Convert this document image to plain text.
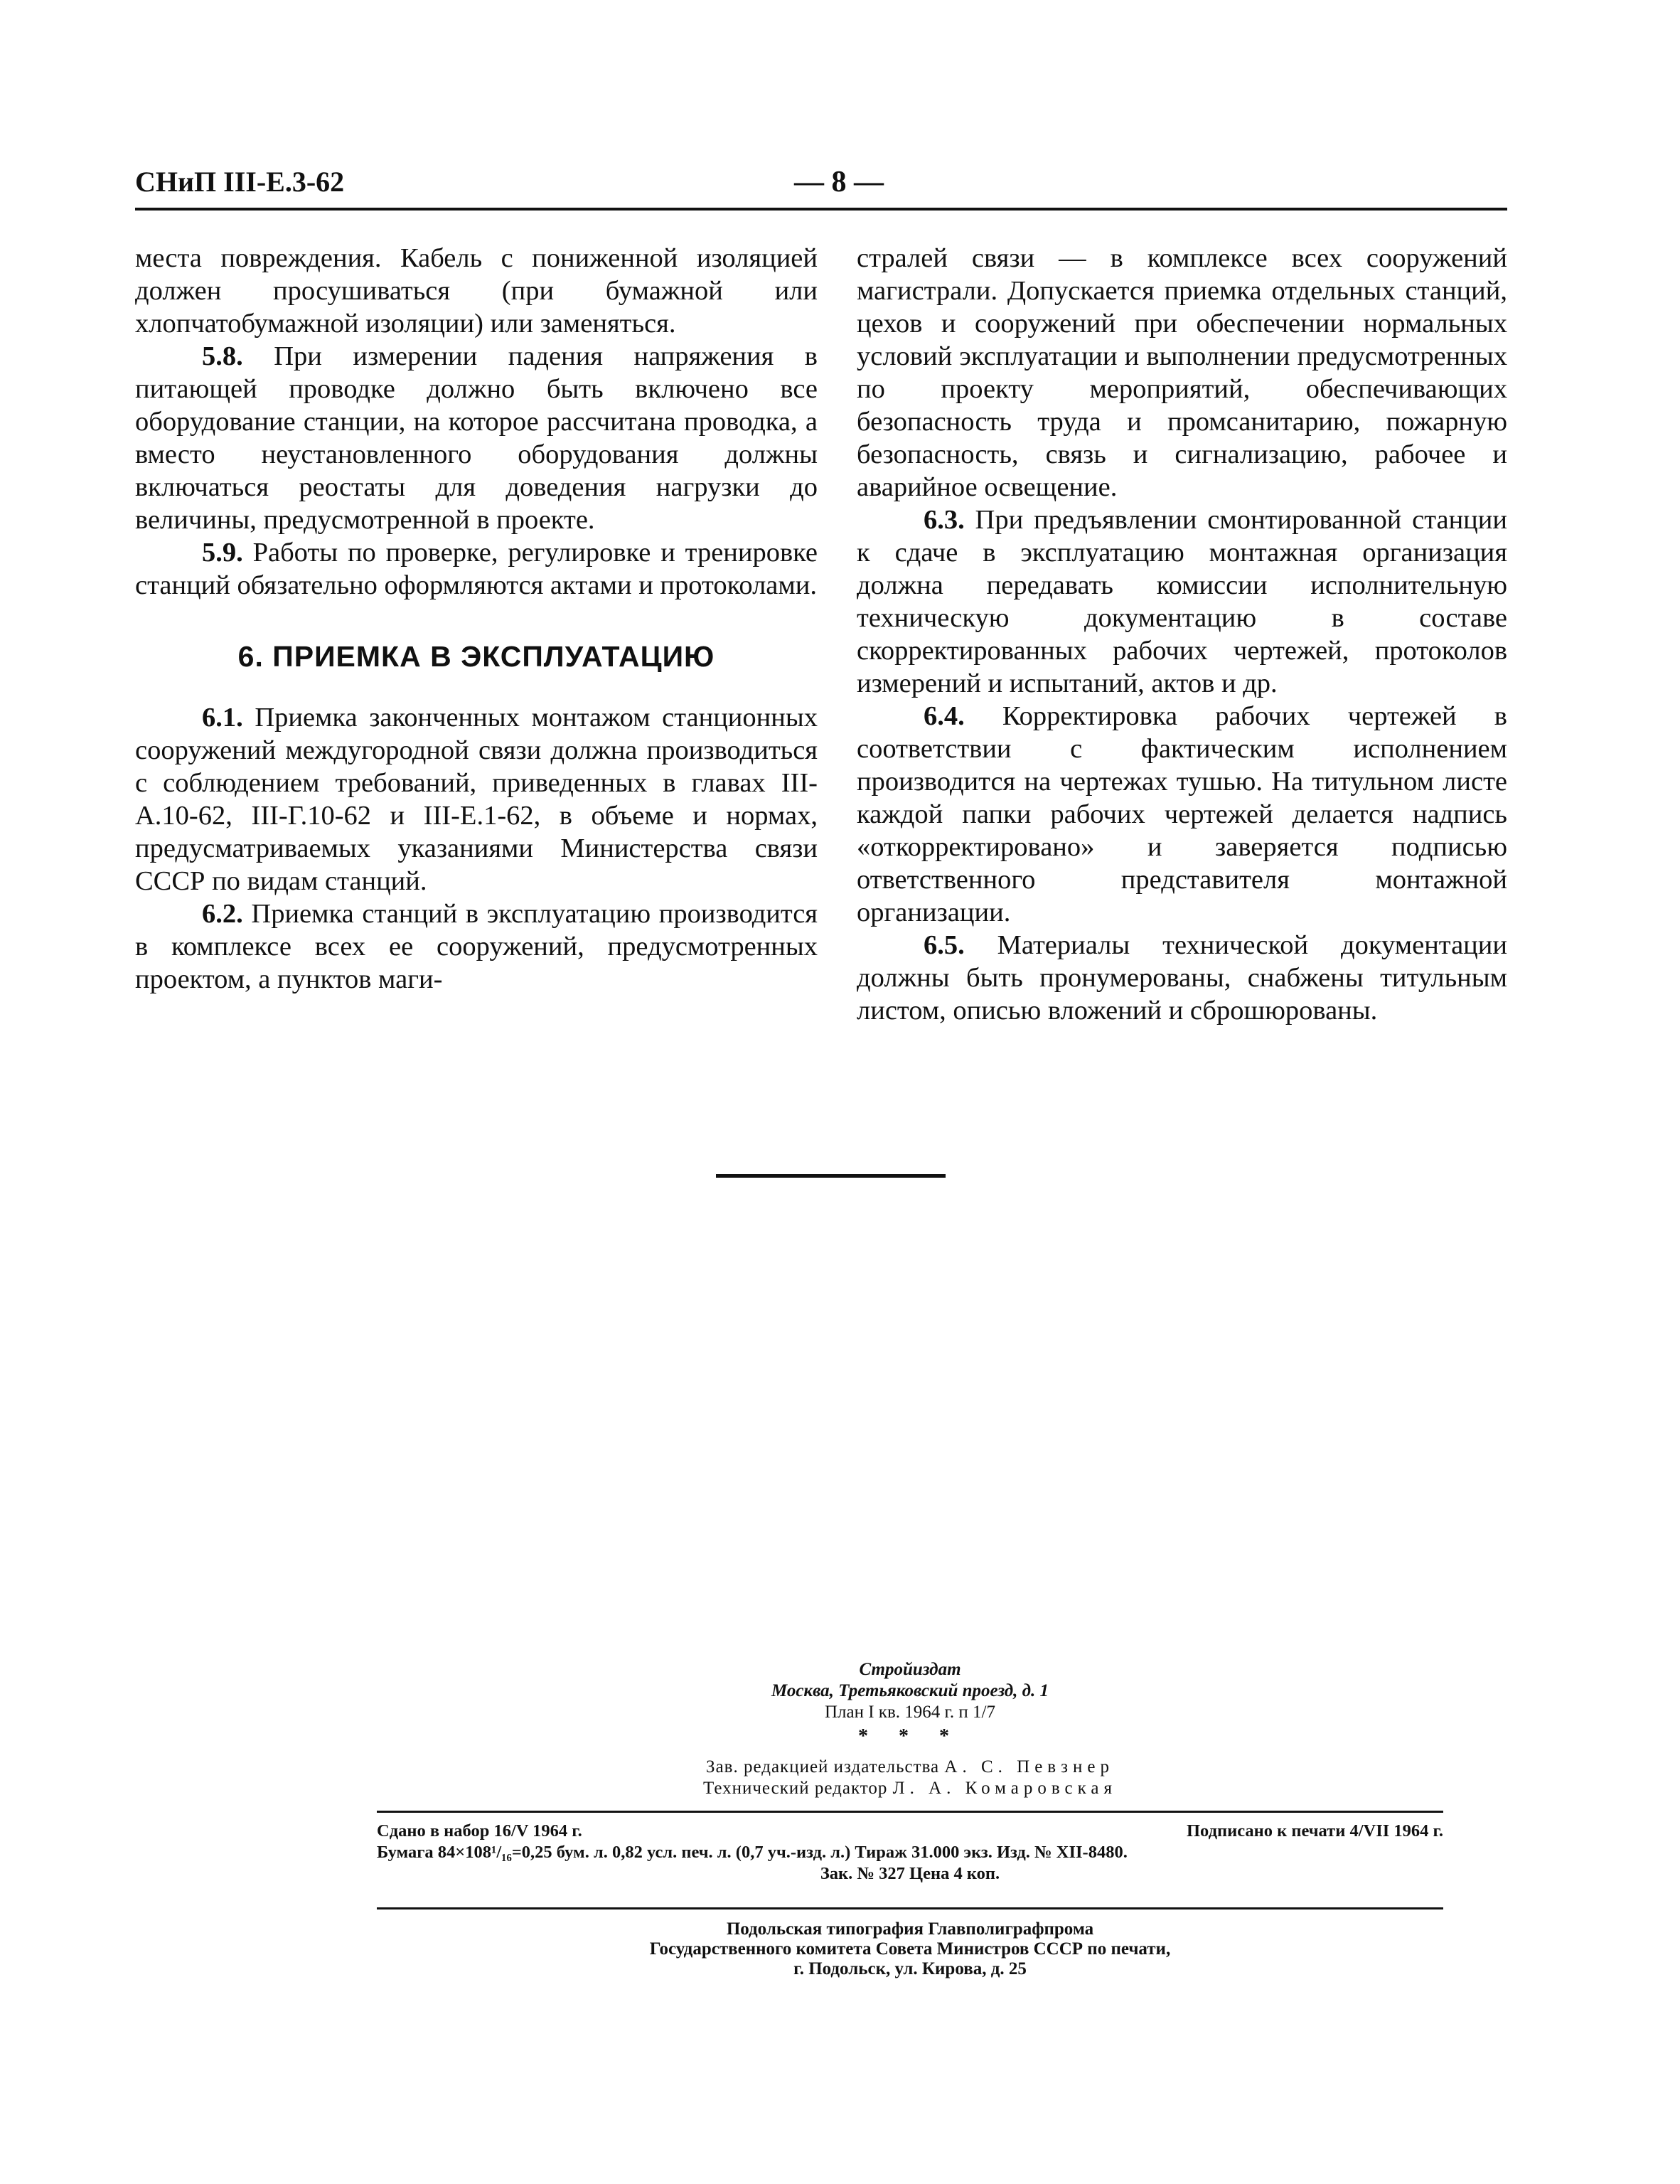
СНиП III-Е.3-62	— 8 —

места повреждения. Кабель с пониженной изоляцией должен просушиваться (при бумажной или хлопчатобумажной изоляции) или заменяться.

5.8. При измерении падения напряжения в питающей проводке должно быть включено все оборудование станции, на которое рассчитана проводка, а вместо неустановленного оборудования должны включаться реостаты для доведения нагрузки до величины, предусмотренной в проекте.

5.9. Работы по проверке, регулировке и тренировке станций обязательно оформляются актами и протоколами.

6. ПРИЕМКА В ЭКСПЛУАТАЦИЮ

6.1. Приемка законченных монтажом станционных сооружений междугородной связи должна производиться с соблюдением требований, приведенных в главах III-А.10-62, III-Г.10-62 и III-Е.1-62, в объеме и нормах, предусматриваемых указаниями Министерства связи СССР по видам станций.

6.2. Приемка станций в эксплуатацию производится в комплексе всех ее сооружений, предусмотренных проектом, а пунктов маги-

стралей связи — в комплексе всех сооружений магистрали. Допускается приемка отдельных станций, цехов и сооружений при обеспечении нормальных условий эксплуатации и выполнении предусмотренных по проекту мероприятий, обеспечивающих безопасность труда и промсанитарию, пожарную безопасность, связь и сигнализацию, рабочее и аварийное освещение.

6.3. При предъявлении смонтированной станции к сдаче в эксплуатацию монтажная организация должна передавать комиссии исполнительную техническую документацию в составе скорректированных рабочих чертежей, протоколов измерений и испытаний, актов и др.

6.4. Корректировка рабочих чертежей в соответствии с фактическим исполнением производится на чертежах тушью. На титульном листе каждой папки рабочих чертежей делается надпись «откорректировано» и заверяется подписью ответственного представителя монтажной организации.

6.5. Материалы технической документации должны быть пронумерованы, снабжены титульным листом, описью вложений и сброшюрованы.

Стройиздат
Москва, Третьяковский проезд, д. 1
План I кв. 1964 г. п 1/7
* * *
Зав. редакцией издательства А. С. Певзнер
Технический редактор Л. А. Комаровская
Сдано в набор 16/V 1964 г.	Подписано к печати 4/VII 1964 г.
Бумага 84×108¹/₁₆=0,25 бум. л. 0,82 усл. печ. л. (0,7 уч.-изд. л.) Тираж 31.000 экз. Изд. № XII-8480.
Зак. № 327 Цена 4 коп.
Подольская типография Главполиграфпрома
Государственного комитета Совета Министров СССР по печати,
г. Подольск, ул. Кирова, д. 25
